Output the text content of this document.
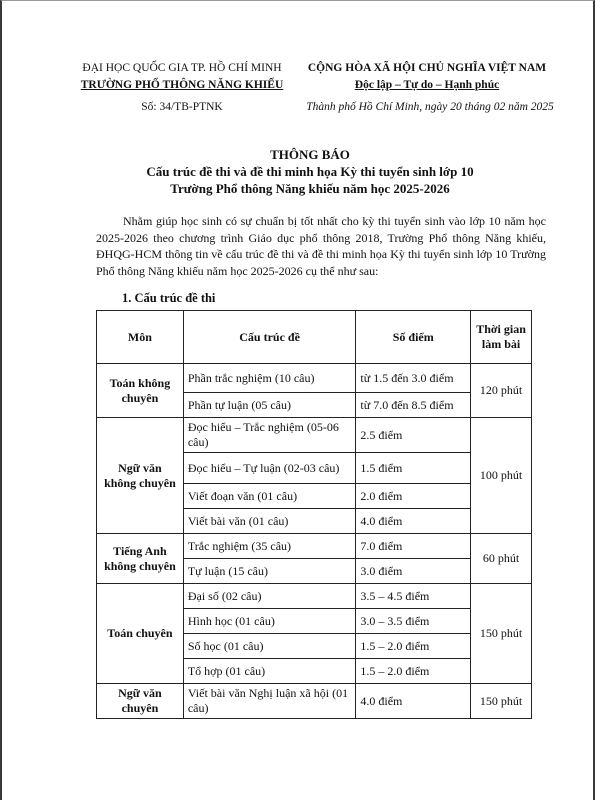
ĐẠI HỌC QUỐC GIA TP. HỒ CHÍ MINH
TRƯỜNG PHỔ THÔNG NĂNG KHIẾU
CỘNG HÒA XÃ HỘI CHỦ NGHĨA VIỆT NAM
Độc lập – Tự do – Hạnh phúc
Số: 34/TB-PTNK	Thành phố Hồ Chí Minh, ngày 20 tháng 02 năm 2025
THÔNG BÁO
Cấu trúc đề thi và đề thi minh họa Kỳ thi tuyển sinh lớp 10
Trường Phổ thông Năng khiếu năm học 2025-2026
Nhằm giúp học sinh có sự chuẩn bị tốt nhất cho kỳ thi tuyển sinh vào lớp 10 năm học 2025-2026 theo chương trình Giáo dục phổ thông 2018, Trường Phổ thông Năng khiếu, ĐHQG-HCM thông tin về cấu trúc đề thi và đề thi minh họa Kỳ thi tuyển sinh lớp 10 Trường Phổ thông Năng khiếu năm học 2025-2026 cụ thể như sau:
1. Cấu trúc đề thi
Môn	Cấu trúc đề	Số điểm	Thời gian làm bài
Toán không chuyên	Phần trắc nghiệm (10 câu)	từ 1.5 đến 3.0 điểm	120 phút
	Phần tự luận (05 câu)	từ 7.0 đến 8.5 điểm	
Ngữ văn không chuyên	Đọc hiểu – Trắc nghiệm (05-06 câu)	2.5 điểm	100 phút
	Đọc hiểu – Tự luận (02-03 câu)	1.5 điểm	
	Viết đoạn văn (01 câu)	2.0 điểm	
	Viết bài văn (01 câu)	4.0 điểm	
Tiếng Anh không chuyên	Trắc nghiệm (35 câu)	7.0 điểm	60 phút
	Tự luận (15 câu)	3.0 điểm	
Toán chuyên	Đại số (02 câu)	3.5 – 4.5 điểm	150 phút
	Hình học (01 câu)	3.0 – 3.5 điểm	
	Số học (01 câu)	1.5 – 2.0 điểm	
	Tổ hợp (01 câu)	1.5 – 2.0 điểm	
Ngữ văn chuyên	Viết bài văn Nghị luận xã hội (01 câu)	4.0 điểm	150 phút
